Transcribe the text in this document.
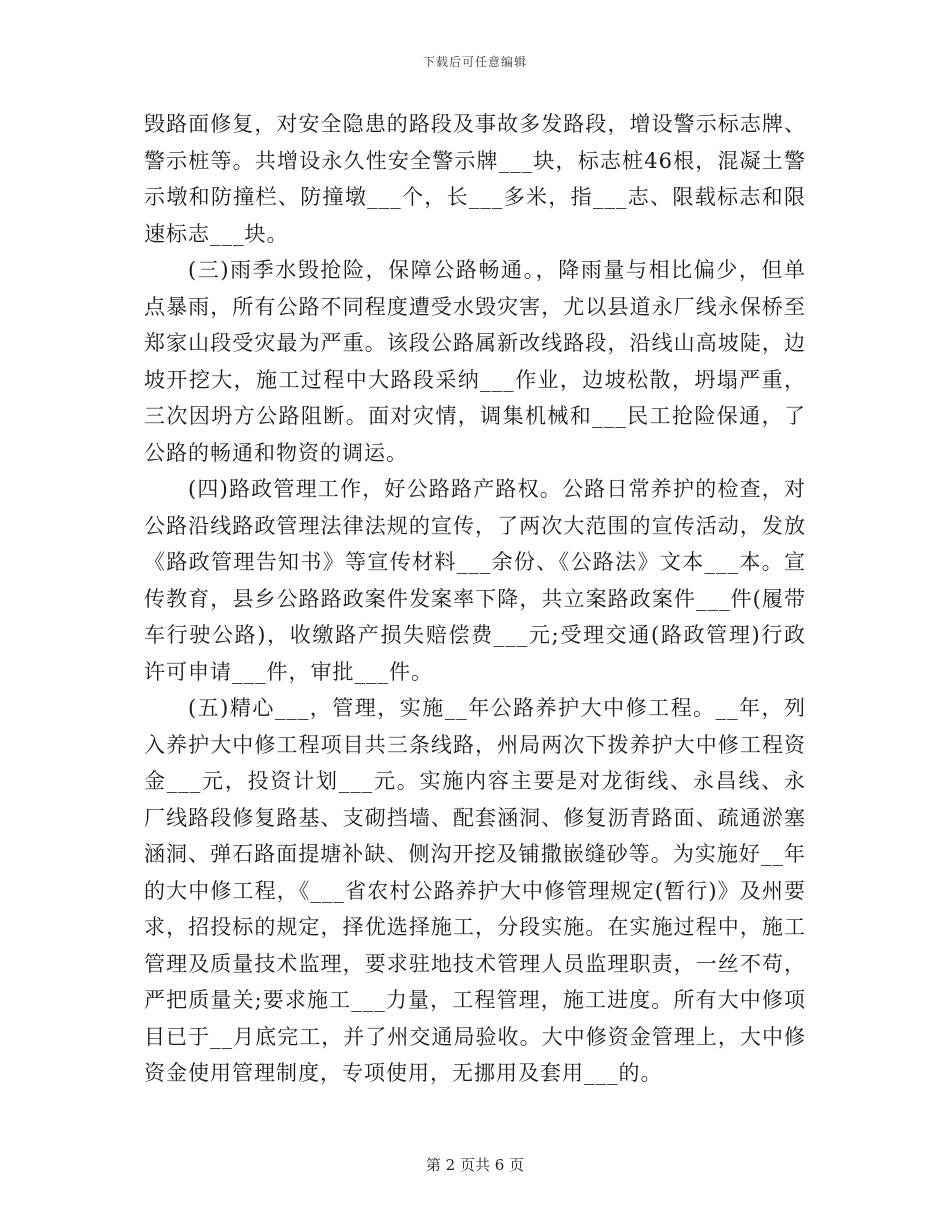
下载后可任意编辑

毁路面修复，对安全隐患的路段及事故多发路段，增设警示标志牌、警示桩等。共增设永久性安全警示牌___块，标志桩46根，混凝土警示墩和防撞栏、防撞墩___个，长___多米，指___志、限载标志和限速标志___块。

(三)雨季水毁抢险，保障公路畅通。，降雨量与相比偏少，但单点暴雨，所有公路不同程度遭受水毁灾害，尤以县道永厂线永保桥至郑家山段受灾最为严重。该段公路属新改线路段，沿线山高坡陡，边坡开挖大，施工过程中大路段采纳___作业，边坡松散，坍塌严重，三次因坍方公路阻断。面对灾情，调集机械和___民工抢险保通，了公路的畅通和物资的调运。

(四)路政管理工作，好公路路产路权。公路日常养护的检查，对公路沿线路政管理法律法规的宣传，了两次大范围的宣传活动，发放《路政管理告知书》等宣传材料___余份、《公路法》文本___本。宣传教育，县乡公路路政案件发案率下降，共立案路政案件___件(履带车行驶公路)，收缴路产损失赔偿费___元;受理交通(路政管理)行政许可申请___件，审批___件。

(五)精心___，管理，实施__年公路养护大中修工程。__年，列入养护大中修工程项目共三条线路，州局两次下拨养护大中修工程资金___元，投资计划___元。实施内容主要是对龙街线、永昌线、永厂线路段修复路基、支砌挡墙、配套涵洞、修复沥青路面、疏通淤塞涵洞、弹石路面提塘补缺、侧沟开挖及铺撒嵌缝砂等。为实施好__年的大中修工程，《___省农村公路养护大中修管理规定(暂行)》及州要求，招投标的规定，择优选择施工，分段实施。在实施过程中，施工管理及质量技术监理，要求驻地技术管理人员监理职责，一丝不苟，严把质量关;要求施工___力量，工程管理，施工进度。所有大中修项目已于__月底完工，并了州交通局验收。大中修资金管理上，大中修资金使用管理制度，专项使用，无挪用及套用___的。

第 2 页共 6 页
